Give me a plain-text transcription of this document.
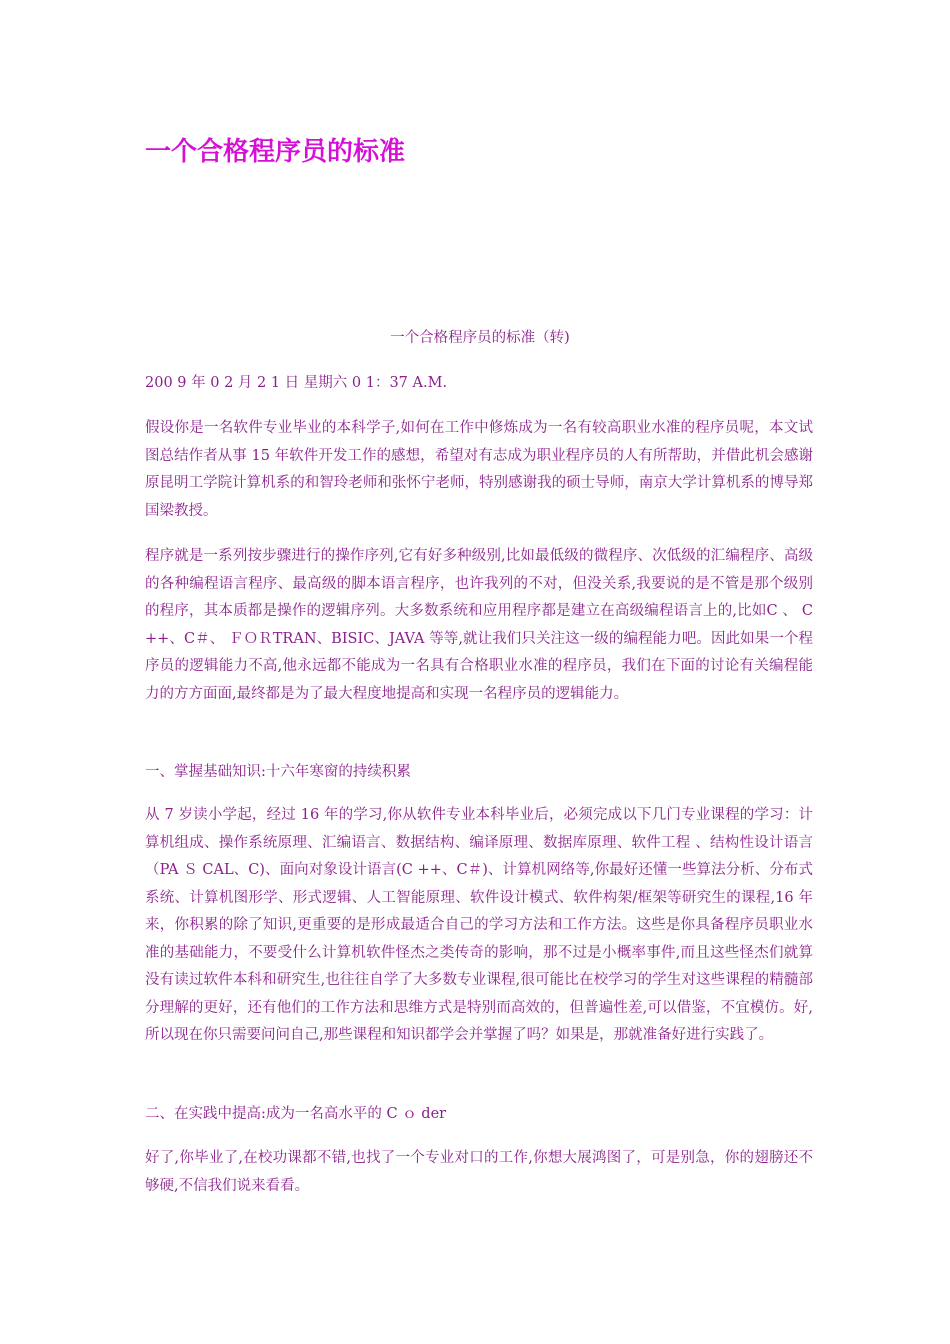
一个合格程序员的标准

一个合格程序员的标准（转)

200 9 年 0 2 月 2 1 日 星期六 0 1：37 A.M.

假设你是一名软件专业毕业的本科学子,如何在工作中修炼成为一名有较高职业水准的程序员呢，本文试图总结作者从事 15 年软件开发工作的感想，希望对有志成为职业程序员的人有所帮助，并借此机会感谢原昆明工学院计算机系的和智玲老师和张怀宁老师，特别感谢我的硕士导师，南京大学计算机系的博导郑国梁教授。

程序就是一系列按步骤进行的操作序列,它有好多种级别,比如最低级的微程序、次低级的汇编程序、高级的各种编程语言程序、最高级的脚本语言程序，也许我列的不对，但没关系,我要说的是不管是那个级别的程序，其本质都是操作的逻辑序列。大多数系统和应用程序都是建立在高级编程语言上的,比如C 、 C ++、C＃、 ＦＯＲTRAN、BISIC、JAVA 等等,就让我们只关注这一级的编程能力吧。因此如果一个程序员的逻辑能力不高,他永远都不能成为一名具有合格职业水准的程序员，我们在下面的讨论有关编程能力的方方面面,最终都是为了最大程度地提高和实现一名程序员的逻辑能力。

一、掌握基础知识:十六年寒窗的持续积累

从 7 岁读小学起，经过 16 年的学习,你从软件专业本科毕业后，必须完成以下几门专业课程的学习：计算机组成、操作系统原理、汇编语言、数据结构、编译原理、数据库原理、软件工程 、结构性设计语言（PA Ｓ CAL、C)、面向对象设计语言(C ++、C＃)、计算机网络等,你最好还懂一些算法分析、分布式系统、计算机图形学、形式逻辑、人工智能原理、软件设计模式、软件构架/框架等研究生的课程,16 年来，你积累的除了知识,更重要的是形成最适合自己的学习方法和工作方法。这些是你具备程序员职业水准的基础能力，不要受什么计算机软件怪杰之类传奇的影响，那不过是小概率事件,而且这些怪杰们就算没有读过软件本科和研究生,也往往自学了大多数专业课程,很可能比在校学习的学生对这些课程的精髓部分理解的更好，还有他们的工作方法和思维方式是特别而高效的，但普遍性差,可以借鉴，不宜模仿。好,所以现在你只需要问问自己,那些课程和知识都学会并掌握了吗？如果是，那就准备好进行实践了。

二、在实践中提高:成为一名高水平的 C ｏ der

好了,你毕业了,在校功课都不错,也找了一个专业对口的工作,你想大展鸿图了，可是别急，你的翅膀还不够硬,不信我们说来看看。
